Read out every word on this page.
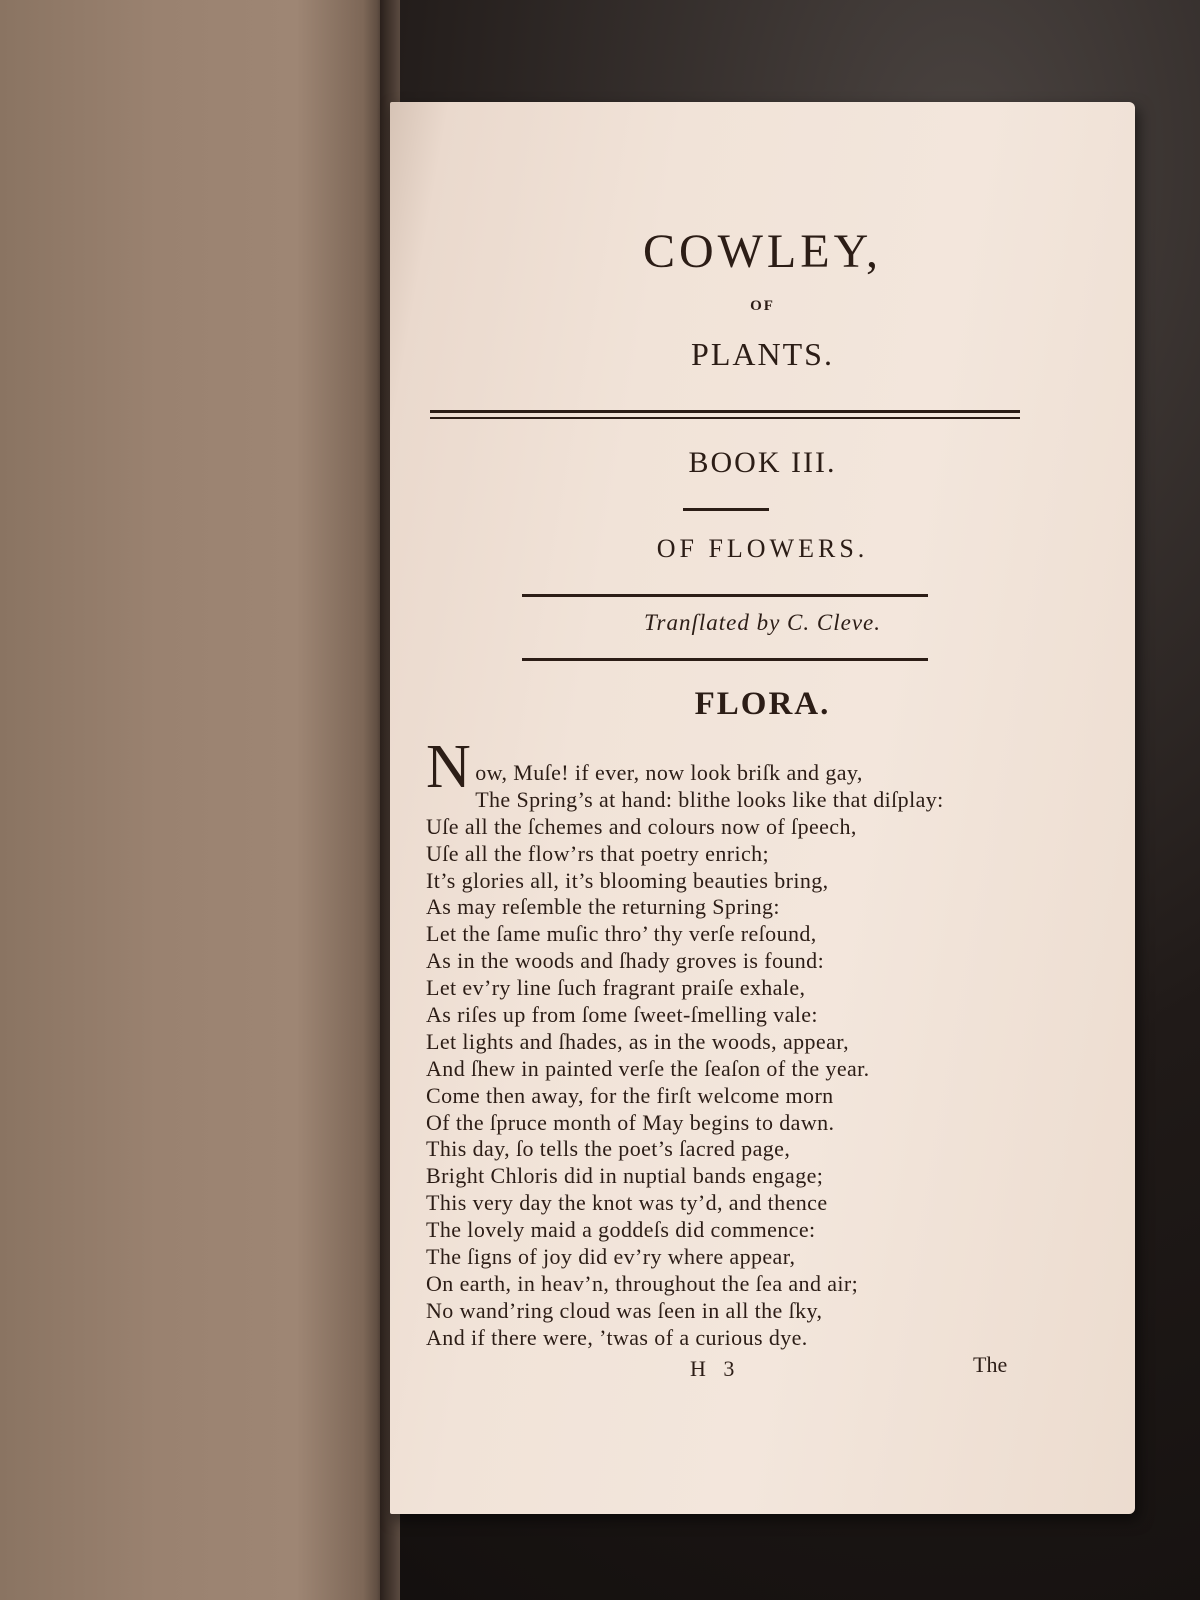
COWLEY,
OF
PLANTS.
BOOK III.
OF FLOWERS.
Tranſlated by C. Cleve.
FLORA.
N ow, Muſe! if ever, now look briſk and gay,
The Spring’s at hand: blithe looks like that diſplay:
Uſe all the ſchemes and colours now of ſpeech,
Uſe all the flow’rs that poetry enrich;
It’s glories all, it’s blooming beauties bring,
As may reſemble the returning Spring:
Let the ſame muſic thro’ thy verſe reſound,
As in the woods and ſhady groves is found:
Let ev’ry line ſuch fragrant praiſe exhale,
As riſes up from ſome ſweet-ſmelling vale:
Let lights and ſhades, as in the woods, appear,
And ſhew in painted verſe the ſeaſon of the year.
Come then away, for the firſt welcome morn
Of the ſpruce month of May begins to dawn.
This day, ſo tells the poet’s ſacred page,
Bright Chloris did in nuptial bands engage;
This very day the knot was ty’d, and thence
The lovely maid a goddeſs did commence:
The ſigns of joy did ev’ry where appear,
On earth, in heav’n, throughout the ſea and air;
No wand’ring cloud was ſeen in all the ſky,
And if there were, ’twas of a curious dye.
H 3	The
